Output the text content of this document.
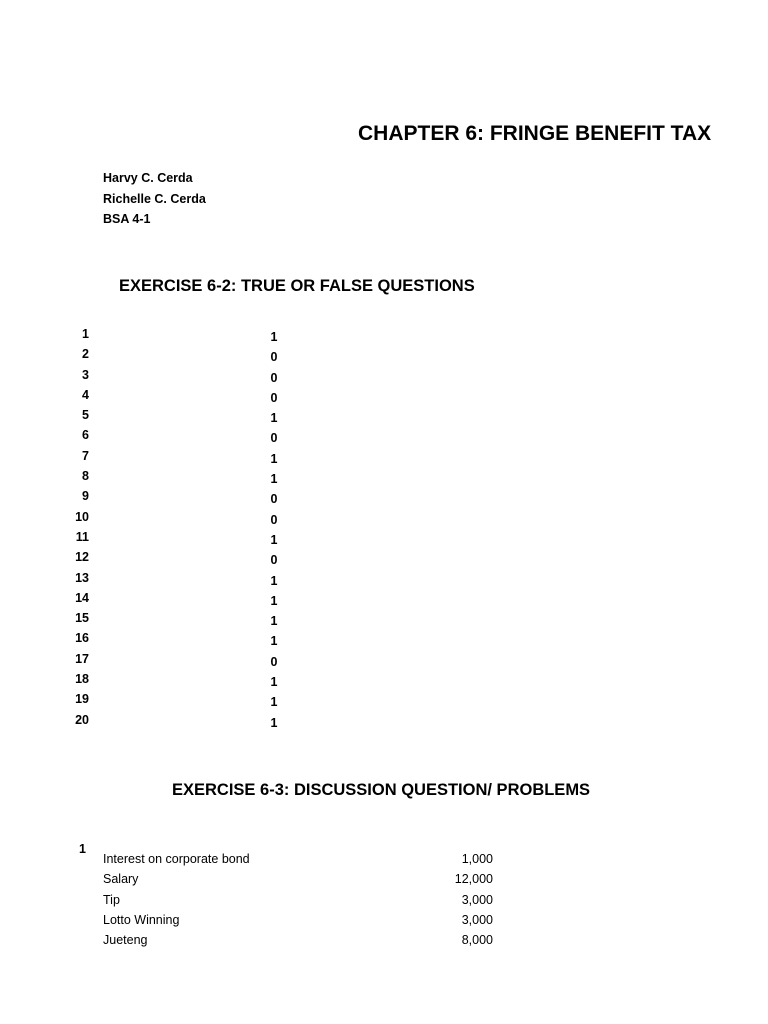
CHAPTER 6: FRINGE BENEFIT TAX
Harvy C. Cerda
Richelle C. Cerda
BSA 4-1
EXERCISE 6-2: TRUE OR FALSE QUESTIONS
1	1
2	0
3	0
4	0
5	1
6	0
7	1
8	1
9	0
10	0
11	1
12	0
13	1
14	1
15	1
16	1
17	0
18	1
19	1
20	1
EXERCISE 6-3: DISCUSSION QUESTION/ PROBLEMS
1
Interest on corporate bond	1,000
Salary	12,000
Tip	3,000
Lotto Winning	3,000
Jueteng	8,000
